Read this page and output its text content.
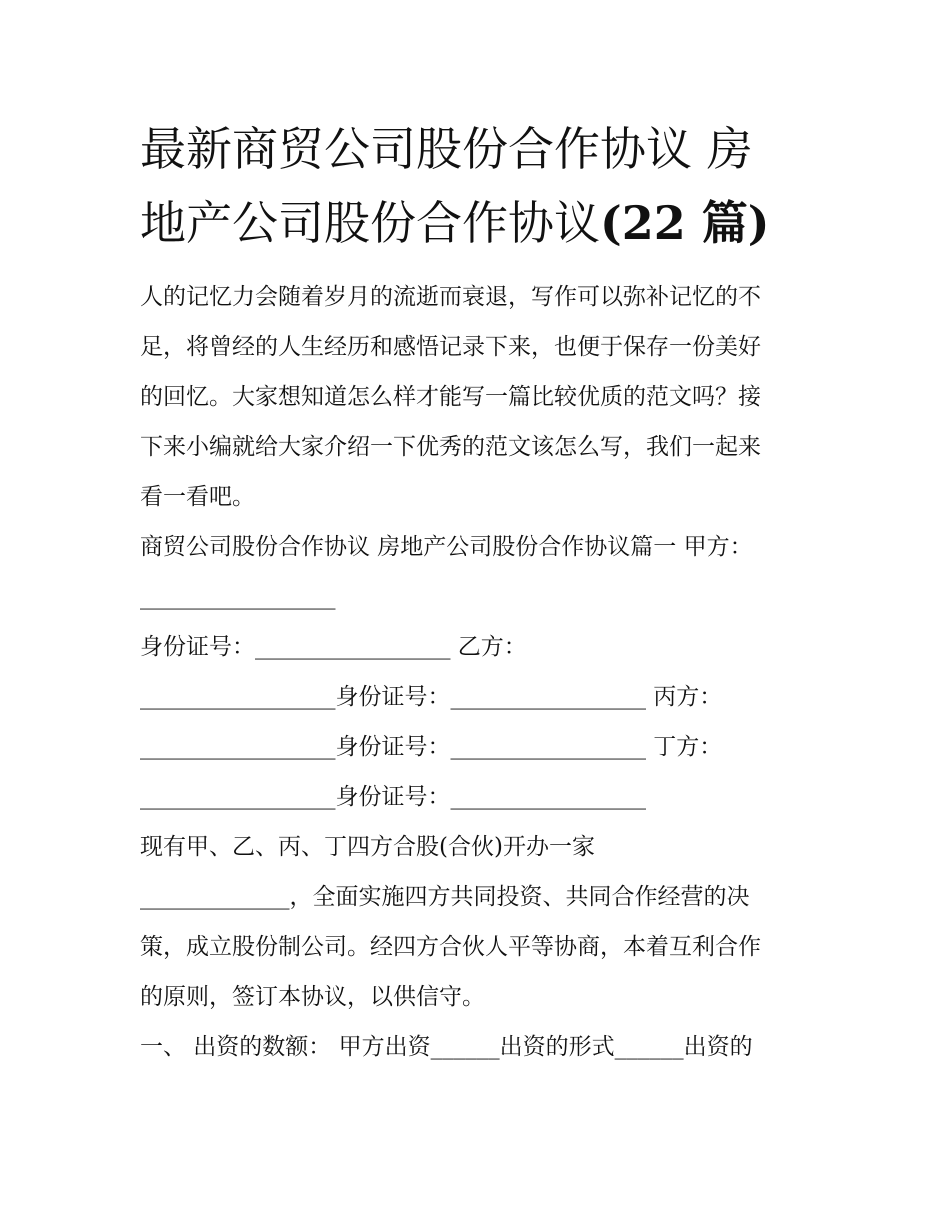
最新商贸公司股份合作协议 房
地产公司股份合作协议(22 篇)
人的记忆力会随着岁月的流逝而衰退，写作可以弥补记忆的不
足，将曾经的人生经历和感悟记录下来，也便于保存一份美好
的回忆。大家想知道怎么样才能写一篇比较优质的范文吗？接
下来小编就给大家介绍一下优秀的范文该怎么写，我们一起来
看一看吧。
商贸公司股份合作协议 房地产公司股份合作协议篇一 甲方：
_________________
身份证号：_________________ 乙方：
_________________身份证号：_________________ 丙方：
_________________身份证号：_________________ 丁方：
_________________身份证号：_________________
现有甲、乙、丙、丁四方合股(合伙)开办一家
_____________，全面实施四方共同投资、共同合作经营的决
策，成立股份制公司。经四方合伙人平等协商，本着互利合作
的原则，签订本协议，以供信守。
一、 出资的数额： 甲方出资______出资的形式______出资的
